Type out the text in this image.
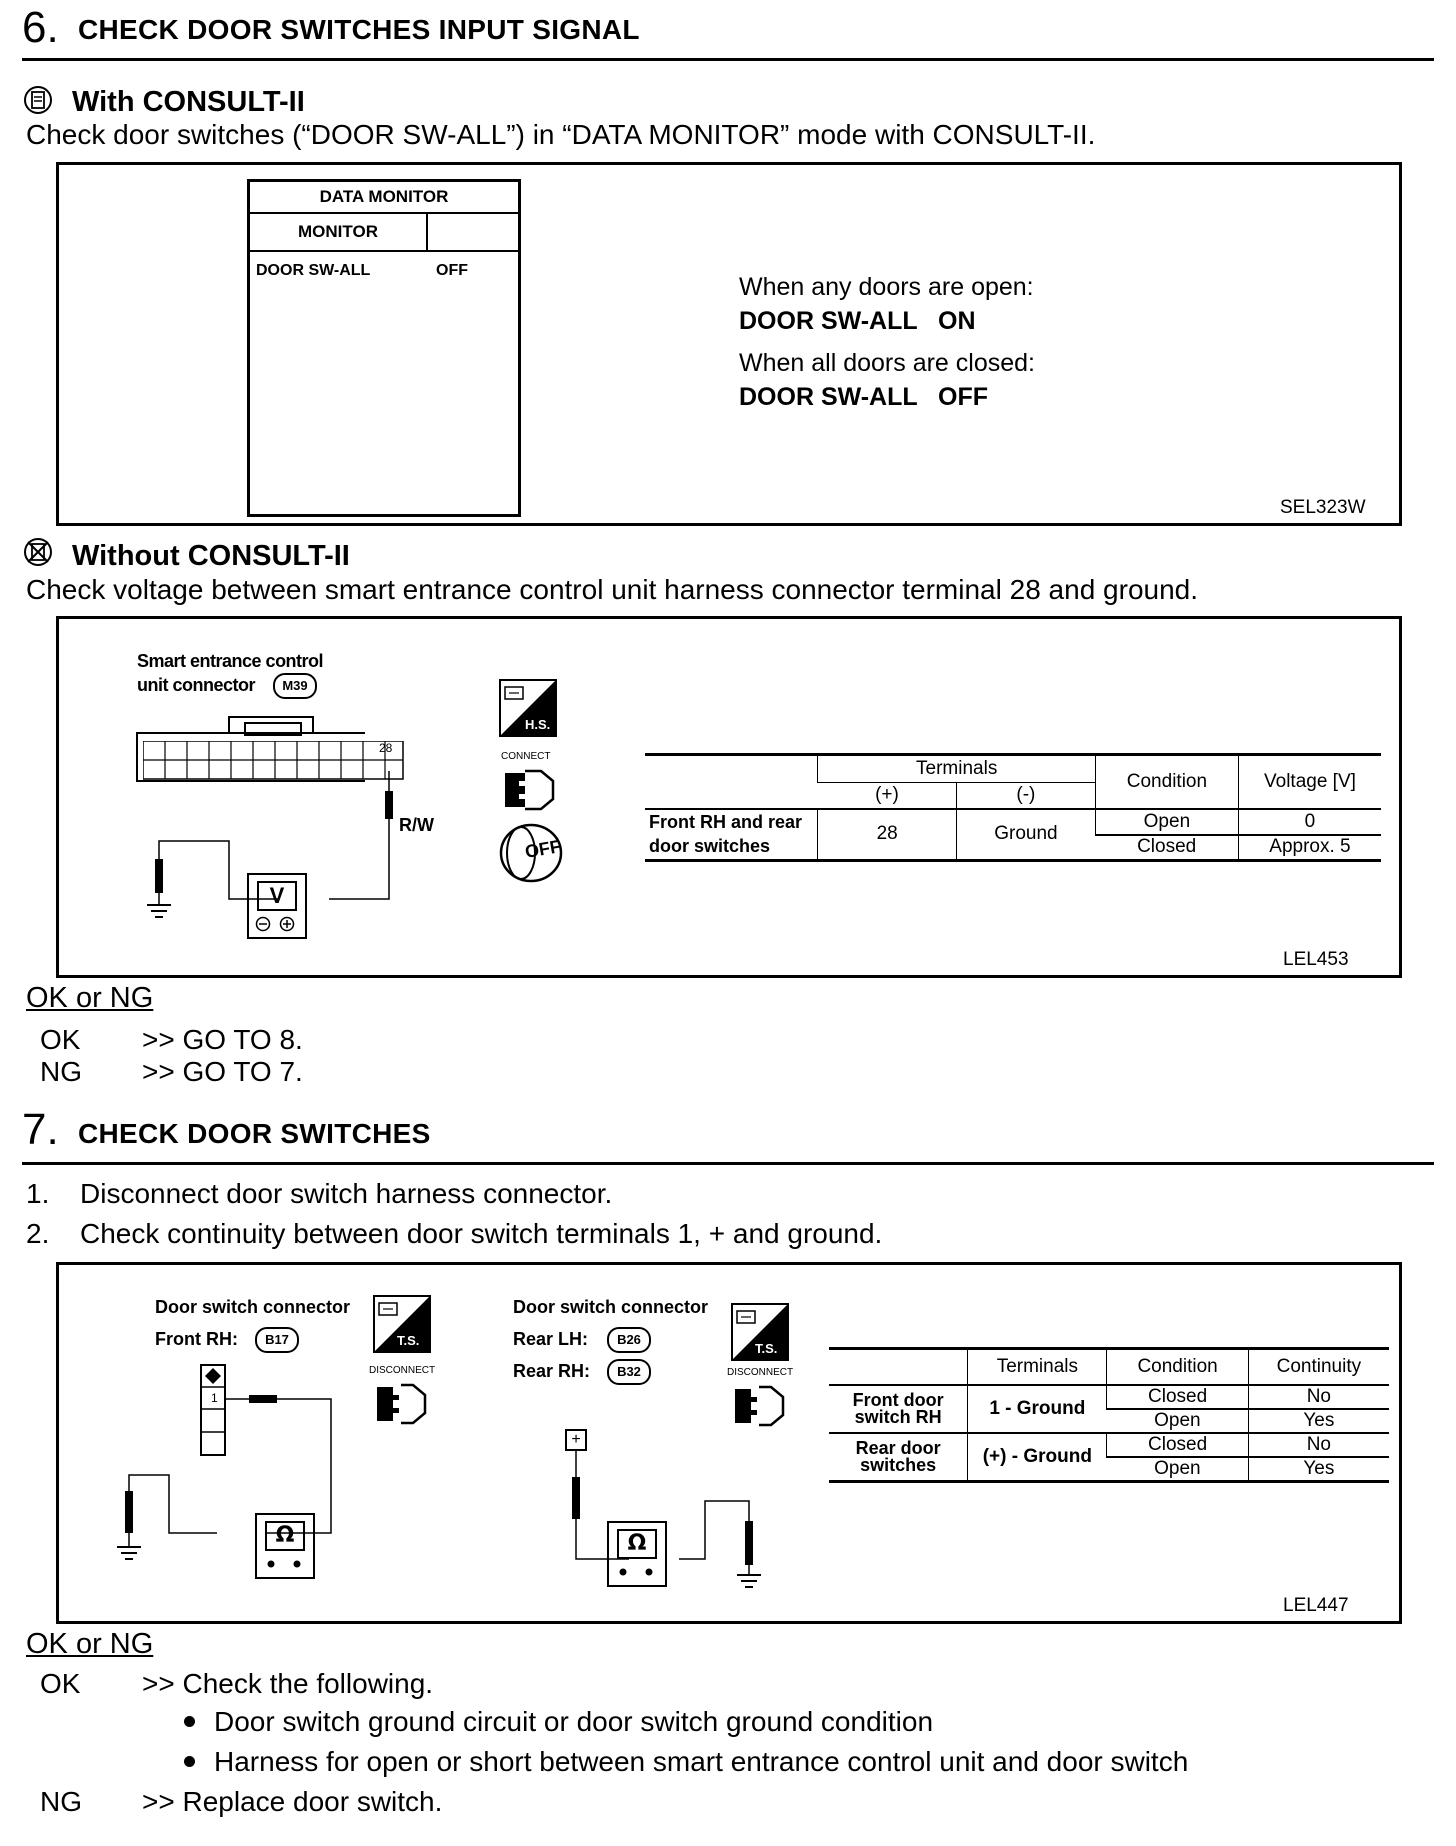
6. CHECK DOOR SWITCHES INPUT SIGNAL
With CONSULT-II
Check door switches (“DOOR SW-ALL”) in “DATA MONITOR” mode with CONSULT-II.
DATA MONITOR
MONITOR
DOOR SW-ALL	OFF
When any doors are open:
DOOR SW-ALL   ON
When all doors are closed:
DOOR SW-ALL   OFF
SEL323W
Without CONSULT-II
Check voltage between smart entrance control unit harness connector terminal 28 and ground.
Smart entrance control
unit connector	M39
28
R/W
V
H.S.
CONNECT
OFF
	Terminals		Condition	Voltage [V]
	(+)	(-)		

Front RH and rear
door switches	28	Ground	Open	0
			Closed	Approx. 5
LEL453
OK or NG
OK >> GO TO 8.
NG >> GO TO 7.
7. CHECK DOOR SWITCHES
1. Disconnect door switch harness connector.
2. Check continuity between door switch terminals 1, + and ground.
Door switch connector
Front RH:	B17	T.S.
DISCONNECT
1
Ω
Door switch connector
Rear LH:	B26
Rear RH:	B32
T.S.
DISCONNECT
+
Ω
	Terminals	Condition	Continuity

Front door
switch RH	1 - Ground	Closed	No
		Open	Yes

Rear door
switches	(+) - Ground	Closed	No
		Open	Yes
LEL447
OK or NG
OK >> Check the following.
Door switch ground circuit or door switch ground condition
Harness for open or short between smart entrance control unit and door switch
NG >> Replace door switch.
